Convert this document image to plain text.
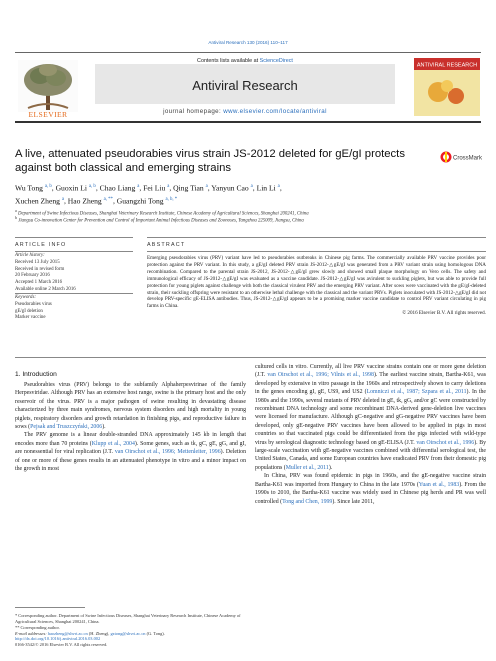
Antiviral Research 130 (2016) 110–117
ELSEVIER
Contents lists available at ScienceDirect
Antiviral Research
journal homepage: www.elsevier.com/locate/antiviral
ANTIVIRAL RESEARCH
A live, attenuated pseudorabies virus strain JS-2012 deleted for gE/gI protects against both classical and emerging strains
CrossMark
Wu Tong $^{a, b}$, Guoxin Li $^{a, b}$, Chao Liang $^a$, Fei Liu $^a$, Qing Tian $^a$, Yanyun Cao $^a$, Lin Li $^a$,
Xuchen Zheng $^a$, Hao Zheng $^{a, **}$, Guangzhi Tong $^{a, b, *}$
$^a$ Department of Swine Infectious Diseases, Shanghai Veterinary Research Institute, Chinese Academy of Agricultural Sciences, Shanghai 200241, China
$^b$ Jiangsu Co-innovation Center for Prevention and Control of Important Animal Infectious Diseases and Zoonoses, Yangzhou 225009, Jiangsu, China
ARTICLE INFO	ABSTRACT
Article history:
Received 13 July 2015
Received in revised form
20 February 2016
Accepted 1 March 2016
Available online 2 March 2016
Keywords:
Pseudorabies virus
gE/gI deletion
Marker vaccine
Emerging pseudorabies virus (PRV) variant have led to pseudorabies outbreaks in Chinese pig farms. The commercially available PRV vaccine provides poor protection against the PRV variant. In this study, a gE/gI deleted PRV strain JS-2012-△gE/gI was generated from a PRV variant strain using homologous DNA recombination. Compared to the parental strain JS-2012, JS-2012-△gE/gI grew slowly and showed small plaque morphology on Vero cells. The safety and immunological efficacy of JS-2012-△gE/gI was evaluated as a vaccine candidate. JS-2012-△gE/gI was avirulent to suckling piglets, but was able to provide full protection for young piglets against challenge with both the classical virulent PRV and the emerging PRV variant. After sows were vaccinated with the gE/gI-deleted strain, their suckling offspring were resistant to an otherwise lethal challenge with the classical and the variant PRVs. Piglets inoculated with JS-2012-△gE/gI did not develop PRV-specific gE-ELISA antibodies. Thus, JS-2012-△gE/gI appears to be a promising marker vaccine candidate to control PRV variant circulating in pig farms in China.
© 2016 Elsevier B.V. All rights reserved.
1. Introduction

Pseudorabies virus (PRV) belongs to the subfamily Alphaherpesvirinae of the family Herpesviridae. Although PRV has an extensive host range, swine is the primary host and the only reservoir of the virus. PRV is a major pathogen of swine resulting in devastating disease characterized by three main syndromes, nervous system disorders and high mortality in young piglets, respiratory disorders and growth retardation in finishing pigs, and reproductive failure in sows (Pejsak and Truszczyński, 2006).

The PRV genome is a linear double-stranded DNA approximately 145 kb in length that encodes more than 70 proteins (Klupp et al., 2004). Some genes, such as tk, gC, gE, gG, and gI, are nonessential for viral replication (J.T. van Oirschot et al., 1996; Mettenleiter, 1996). Deletion of one or more of these genes results in an attenuated phenotype in vitro and a minor impact on the growth in most

* Corresponding author. Department of Swine Infectious Diseases, Shanghai Veterinary Research Institute, Chinese Academy of Agricultural Sciences, Shanghai 200241, China.
** Corresponding author.
E-mail addresses: haozheng@shvri.ac.cn (H. Zheng), gztong@shvri.ac.cn (G. Tong).
http://dx.doi.org/10.1016/j.antiviral.2016.03.002
0166-3542/© 2016 Elsevier B.V. All rights reserved.

cultured cells in vitro. Currently, all live PRV vaccine strains contain one or more gene deletion (J.T. van Oirschot et al., 1996; Vilnis et al., 1998). The earliest vaccine strain, Bartha-K61, was developed by extensive in vitro passage in the 1960s and retrospectively shown to carry deletions in the genes encoding gI, gE, US9, and US2 (Lomniczi et al., 1987; Szpara et al., 2011). In the 1980s and the 1990s, several mutants of PRV deleted in gE, tk, gG, and/or gC were constructed by recombinant DNA technology and some recombinant DNA-derived gene-deletion live vaccines were licensed for manufacture. Although gC-negative and gG-negative PRV vaccines have been developed, only gE-negative PRV vaccines have been allowed to be applied in pigs in most countries so that vaccinated pigs could be differentiated from the pigs infected with wild-type virus by serological diagnostic technology based on gE-ELISA (J.T. van Oirschot et al., 1996). By large-scale vaccination with gE-negative vaccines combined with differential serological test, the United States, Canada, and some European countries have eradicated PRV from their domestic pig populations (Muller et al., 2011).

In China, PRV was found epidemic in pigs in 1960s, and the gE-negative vaccine strain Bartha-K61 was imported from Hungary to China in the late 1970s (Yuan et al., 1983). From the 1990s to 2010, the Bartha-K61 vaccine was widely used in Chinese pig herds and PR was well controlled (Tong and Chen, 1999). Since late 2011,
